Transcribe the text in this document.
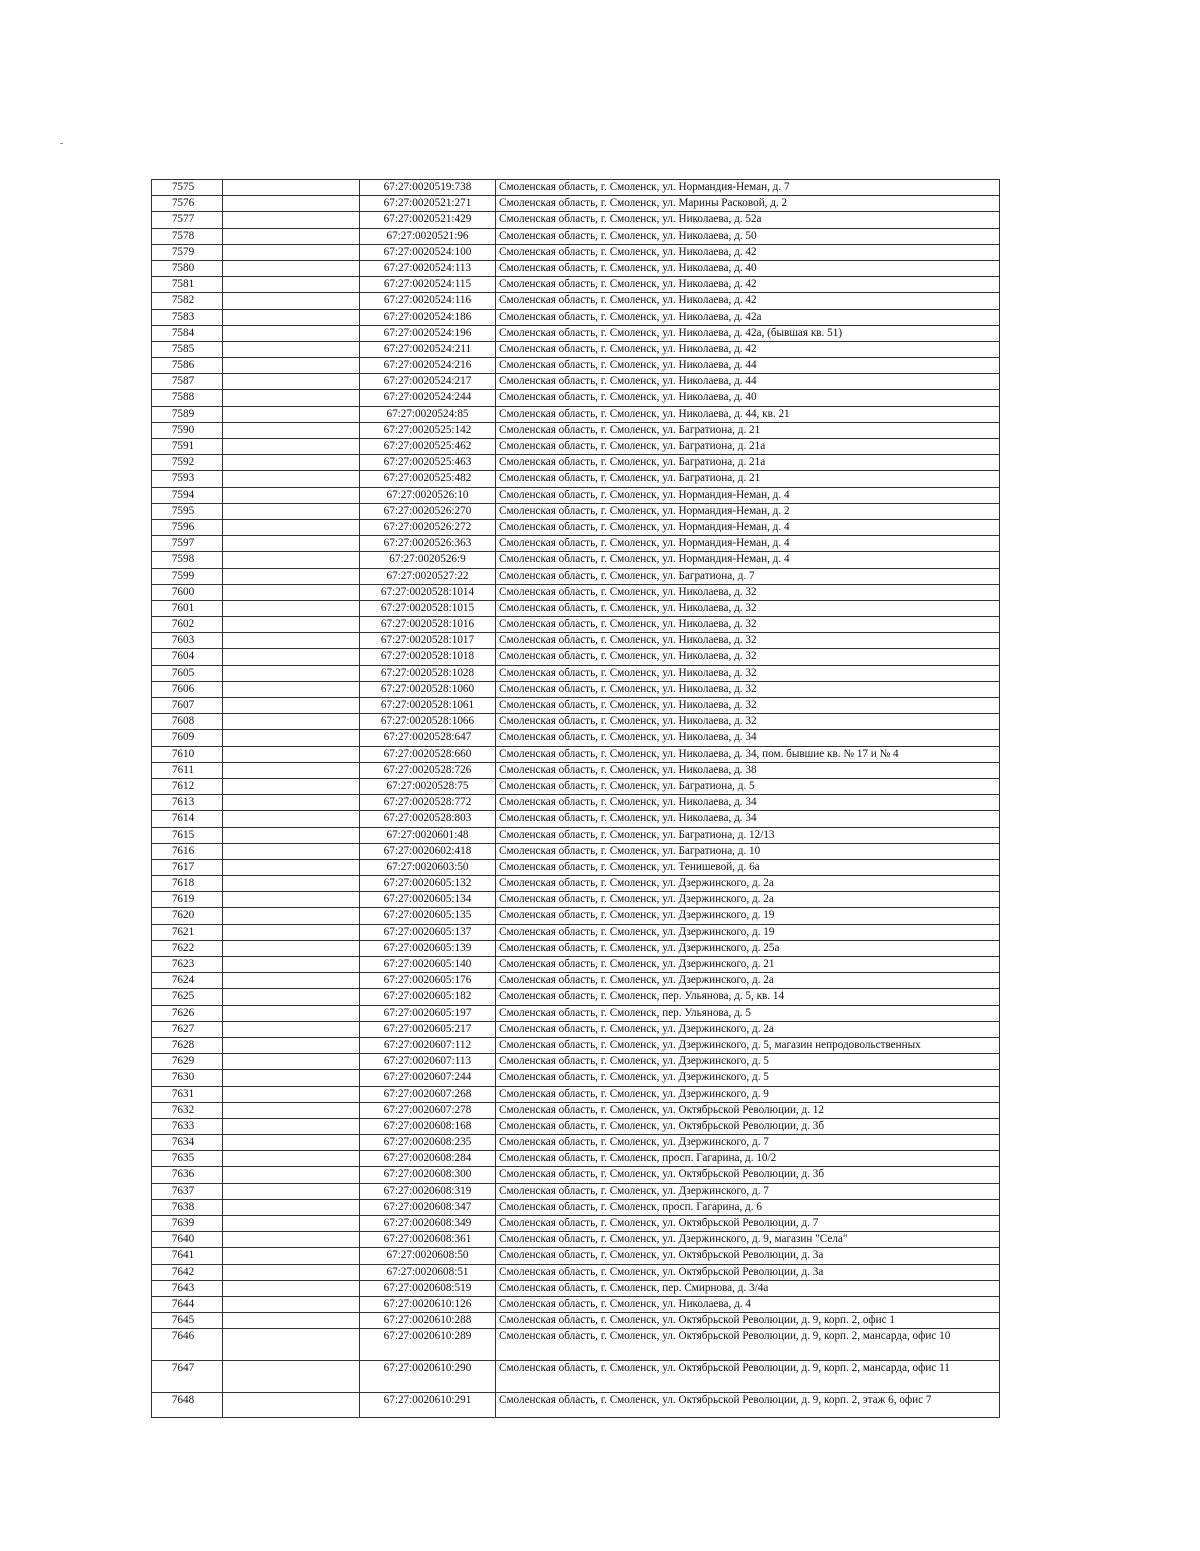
7575		67:27:0020519:738	Смоленская область, г. Смоленск, ул. Нормандия-Неман, д. 7
7576		67:27:0020521:271	Смоленская область, г. Смоленск, ул. Марины Расковой, д. 2
7577		67:27:0020521:429	Смоленская область, г. Смоленск, ул. Николаева, д. 52а
7578		67:27:0020521:96	Смоленская область, г. Смоленск, ул. Николаева, д. 50
7579		67:27:0020524:100	Смоленская область, г. Смоленск, ул. Николаева, д. 42
7580		67:27:0020524:113	Смоленская область, г. Смоленск, ул. Николаева, д. 40
7581		67:27:0020524:115	Смоленская область, г. Смоленск, ул. Николаева, д. 42
7582		67:27:0020524:116	Смоленская область, г. Смоленск, ул. Николаева, д. 42
7583		67:27:0020524:186	Смоленская область, г. Смоленск, ул. Николаева, д. 42а
7584		67:27:0020524:196	Смоленская область, г. Смоленск, ул. Николаева, д. 42а, (бывшая кв. 51)
7585		67:27:0020524:211	Смоленская область, г. Смоленск, ул. Николаева, д. 42
7586		67:27:0020524:216	Смоленская область, г. Смоленск, ул. Николаева, д. 44
7587		67:27:0020524:217	Смоленская область, г. Смоленск, ул. Николаева, д. 44
7588		67:27:0020524:244	Смоленская область, г. Смоленск, ул. Николаева, д. 40
7589		67:27:0020524:85	Смоленская область, г. Смоленск, ул. Николаева, д. 44, кв. 21
7590		67:27:0020525:142	Смоленская область, г. Смоленск, ул. Багратиона, д. 21
7591		67:27:0020525:462	Смоленская область, г. Смоленск, ул. Багратиона, д. 21а
7592		67:27:0020525:463	Смоленская область, г. Смоленск, ул. Багратиона, д. 21а
7593		67:27:0020525:482	Смоленская область, г. Смоленск, ул. Багратиона, д. 21
7594		67:27:0020526:10	Смоленская область, г. Смоленск, ул. Нормандия-Неман, д. 4
7595		67:27:0020526:270	Смоленская область, г. Смоленск, ул. Нормандия-Неман, д. 2
7596		67:27:0020526:272	Смоленская область, г. Смоленск, ул. Нормандия-Неман, д. 4
7597		67:27:0020526:363	Смоленская область, г. Смоленск, ул. Нормандия-Неман, д. 4
7598		67:27:0020526:9	Смоленская область, г. Смоленск, ул. Нормандия-Неман, д. 4
7599		67:27:0020527:22	Смоленская область, г. Смоленск, ул. Багратиона, д. 7
7600		67:27:0020528:1014	Смоленская область, г. Смоленск, ул. Николаева, д. 32
7601		67:27:0020528:1015	Смоленская область, г. Смоленск, ул. Николаева, д. 32
7602		67:27:0020528:1016	Смоленская область, г. Смоленск, ул. Николаева, д. 32
7603		67:27:0020528:1017	Смоленская область, г. Смоленск, ул. Николаева, д. 32
7604		67:27:0020528:1018	Смоленская область, г. Смоленск, ул. Николаева, д. 32
7605		67:27:0020528:1028	Смоленская область, г. Смоленск, ул. Николаева, д. 32
7606		67:27:0020528:1060	Смоленская область, г. Смоленск, ул. Николаева, д. 32
7607		67:27:0020528:1061	Смоленская область, г. Смоленск, ул. Николаева, д. 32
7608		67:27:0020528:1066	Смоленская область, г. Смоленск, ул. Николаева, д. 32
7609		67:27:0020528:647	Смоленская область, г. Смоленск, ул. Николаева, д. 34
7610		67:27:0020528:660	Смоленская область, г. Смоленск, ул. Николаева, д. 34, пом. бывшие кв. № 17 и № 4
7611		67:27:0020528:726	Смоленская область, г. Смоленск, ул. Николаева, д. 38
7612		67:27:0020528:75	Смоленская область, г. Смоленск, ул. Багратиона, д. 5
7613		67:27:0020528:772	Смоленская область, г. Смоленск, ул. Николаева, д. 34
7614		67:27:0020528:803	Смоленская область, г. Смоленск, ул. Николаева, д. 34
7615		67:27:0020601:48	Смоленская область, г. Смоленск, ул. Багратиона, д. 12/13
7616		67:27:0020602:418	Смоленская область, г. Смоленск, ул. Багратиона, д. 10
7617		67:27:0020603:50	Смоленская область, г. Смоленск, ул. Тенишевой, д. 6а
7618		67:27:0020605:132	Смоленская область, г. Смоленск, ул. Дзержинского, д. 2а
7619		67:27:0020605:134	Смоленская область, г. Смоленск, ул. Дзержинского, д. 2а
7620		67:27:0020605:135	Смоленская область, г. Смоленск, ул. Дзержинского, д. 19
7621		67:27:0020605:137	Смоленская область, г. Смоленск, ул. Дзержинского, д. 19
7622		67:27:0020605:139	Смоленская область, г. Смоленск, ул. Дзержинского, д. 25а
7623		67:27:0020605:140	Смоленская область, г. Смоленск, ул. Дзержинского, д. 21
7624		67:27:0020605:176	Смоленская область, г. Смоленск, ул. Дзержинского, д. 2а
7625		67:27:0020605:182	Смоленская область, г. Смоленск, пер. Ульянова, д. 5, кв. 14
7626		67:27:0020605:197	Смоленская область, г. Смоленск, пер. Ульянова, д. 5
7627		67:27:0020605:217	Смоленская область, г. Смоленск, ул. Дзержинского, д. 2а
7628		67:27:0020607:112	Смоленская область, г. Смоленск, ул. Дзержинского, д. 5, магазин непродовольственных
7629		67:27:0020607:113	Смоленская область, г. Смоленск, ул. Дзержинского, д. 5
7630		67:27:0020607:244	Смоленская область, г. Смоленск, ул. Дзержинского, д. 5
7631		67:27:0020607:268	Смоленская область, г. Смоленск, ул. Дзержинского, д. 9
7632		67:27:0020607:278	Смоленская область, г. Смоленск, ул. Октябрьской Революции, д. 12
7633		67:27:0020608:168	Смоленская область, г. Смоленск, ул. Октябрьской Революции, д. 3б
7634		67:27:0020608:235	Смоленская область, г. Смоленск, ул. Дзержинского, д. 7
7635		67:27:0020608:284	Смоленская область, г. Смоленск, просп. Гагарина, д. 10/2
7636		67:27:0020608:300	Смоленская область, г. Смоленск, ул. Октябрьской Революции, д. 3б
7637		67:27:0020608:319	Смоленская область, г. Смоленск, ул. Дзержинского, д. 7
7638		67:27:0020608:347	Смоленская область, г. Смоленск, просп. Гагарина, д. 6
7639		67:27:0020608:349	Смоленская область, г. Смоленск, ул. Октябрьской Революции, д. 7
7640		67:27:0020608:361	Смоленская область, г. Смоленск, ул. Дзержинского, д. 9, магазин "Села"
7641		67:27:0020608:50	Смоленская область, г. Смоленск, ул. Октябрьской Революции, д. 3а
7642		67:27:0020608:51	Смоленская область, г. Смоленск, ул. Октябрьской Революции, д. 3а
7643		67:27:0020608:519	Смоленская область, г. Смоленск, пер. Смирнова, д. 3/4а
7644		67:27:0020610:126	Смоленская область, г. Смоленск, ул. Николаева, д. 4
7645		67:27:0020610:288	Смоленская область, г. Смоленск, ул. Октябрьской Революции, д. 9, корп. 2, офис 1
7646		67:27:0020610:289	Смоленская область, г. Смоленск, ул. Октябрьской Революции, д. 9, корп. 2, мансарда, офис 10
7647		67:27:0020610:290	Смоленская область, г. Смоленск, ул. Октябрьской Революции, д. 9, корп. 2, мансарда, офис 11
7648		67:27:0020610:291	Смоленская область, г. Смоленск, ул. Октябрьской Революции, д. 9, корп. 2, этаж 6, офис 7
